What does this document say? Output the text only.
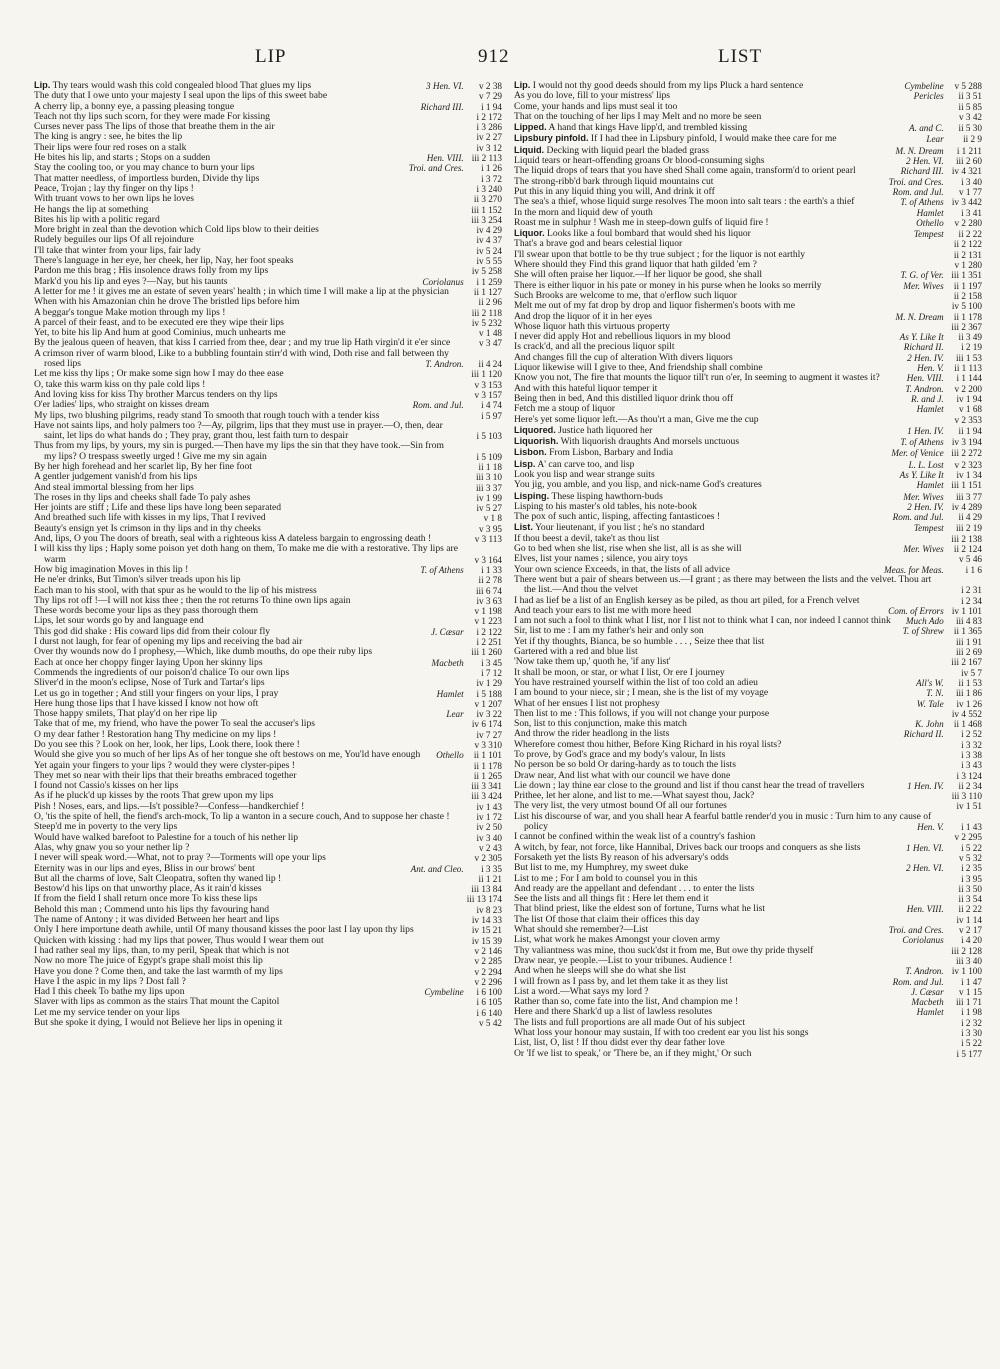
LIP	912	LIST
Lip. Thy tears would wash this cold congealed blood That glues my lips	3 Hen. VI. v 2 38
The duty that I owe unto your majesty I seal upon the lips of this sweet babe	v 7 29
A cherry lip, a bonny eye, a passing pleasing tongue	Richard III. i 1 94
Teach not thy lips such scorn, for they were made For kissing	i 2 172
Curses never pass The lips of those that breathe them in the air	i 3 286
The king is angry : see, he bites the lip	iv 2 27
Their lips were four red roses on a stalk	iv 3 12
He bites his lip, and starts ; Stops on a sudden	Hen. VIII. iii 2 113
Stay the cooling too, or you may chance to burn your lips	Troi. and Cres. i 1 26
That matter needless, of importless burden, Divide thy lips	i 3 72
Peace, Trojan ; lay thy finger on thy lips !	i 3 240
With truant vows to her own lips he loves	ii 3 270
He hangs the lip at something	iii 1 152
Bites his lip with a politic regard	iii 3 254
More bright in zeal than the devotion which Cold lips blow to their deities	iv 4 29
Rudely beguiles our lips Of all rejoindure	iv 4 37
I'll take that winter from your lips, fair lady	iv 5 24
There's language in her eye, her cheek, her lip, Nay, her foot speaks	iv 5 55
Pardon me this brag ; His insolence draws folly from my lips	iv 5 258
Mark'd you his lip and eyes ?—Nay, but his taunts	Coriolanus i 1 259
A letter for me ! it gives me an estate of seven years' health ; in which time I will make a lip at the physician	ii 1 127
When with his Amazonian chin he drove The bristled lips before him	ii 2 96
A beggar's tongue Make motion through my lips !	iii 2 118
A parcel of their feast, and to be executed ere they wipe their lips	iv 5 232
Yet, to bite his lip And hum at good Cominius, much unhearts me	v 1 48
By the jealous queen of heaven, that kiss I carried from thee, dear ; and my true lip Hath virgin'd it e'er since	v 3 47
A crimson river of warm blood, Like to a bubbling fountain stirr'd with wind, Doth rise and fall between thy rosed lips	T. Andron. ii 4 24
Let me kiss thy lips ; Or make some sign how I may do thee ease	iii 1 120
O, take this warm kiss on thy pale cold lips !	v 3 153
And loving kiss for kiss Thy brother Marcus tenders on thy lips	v 3 157
O'er ladies' lips, who straight on kisses dream	Rom. and Jul. i 4 74
My lips, two blushing pilgrims, ready stand To smooth that rough touch with a tender kiss	i 5 97
Have not saints lips, and holy palmers too ?—Ay, pilgrim, lips that they must use in prayer.—O, then, dear saint, let lips do what hands do ; They pray, grant thou, lest faith turn to despair	i 5 103
Thus from my lips, by yours, my sin is purged.—Then have my lips the sin that they have took.—Sin from my lips? O trespass sweetly urged ! Give me my sin again	i 5 109
By her high forehead and her scarlet lip, By her fine foot	ii 1 18
A gentler judgement vanish'd from his lips	iii 3 10
And steal immortal blessing from her lips	iii 3 37
The roses in thy lips and cheeks shall fade To paly ashes	iv 1 99
Her joints are stiff ; Life and these lips have long been separated	iv 5 27
And breathed such life with kisses in my lips, That I revived	v 1 8
Beauty's ensign yet Is crimson in thy lips and in thy cheeks	v 3 95
And, lips, O you The doors of breath, seal with a righteous kiss A dateless bargain to engrossing death !	v 3 113
I will kiss thy lips ; Haply some poison yet doth hang on them, To make me die with a restorative. Thy lips are warm	v 3 164
How big imagination Moves in this lip !	T. of Athens i 1 33
He ne'er drinks, But Timon's silver treads upon his lip	ii 2 78
Each man to his stool, with that spur as he would to the lip of his mistress	iii 6 74
Thy lips rot off !—I will not kiss thee ; then the rot returns To thine own lips again	iv 3 63
These words become your lips as they pass thorough them	v 1 198
Lips, let sour words go by and language end	v 1 223
This god did shake : His coward lips did from their colour fly	J. Cæsar i 2 122
I durst not laugh, for fear of opening my lips and receiving the bad air	i 2 251
Over thy wounds now do I prophesy,—Which, like dumb mouths, do ope their ruby lips	iii 1 260
Each at once her choppy finger laying Upon her skinny lips	Macbeth i 3 45
Commends the ingredients of our poison'd chalice To our own lips	i 7 12
Sliver'd in the moon's eclipse, Nose of Turk and Tartar's lips	iv 1 29
Let us go in together ; And still your fingers on your lips, I pray	Hamlet i 5 188
Here hung those lips that I have kissed I know not how oft	v 1 207
Those happy smilets, That play'd on her ripe lip	Lear iv 3 22
Take that of me, my friend, who have the power To seal the accuser's lips	iv 6 174
O my dear father ! Restoration hang Thy medicine on my lips !	iv 7 27
Do you see this ? Look on her, look, her lips, Look there, look there !	v 3 310
Would she give you so much of her lips As of her tongue she oft bestows on me, You'ld have enough	Othello ii 1 101
Yet again your fingers to your lips ? would they were clyster-pipes !	ii 1 178
They met so near with their lips that their breaths embraced together	ii 1 265
I found not Cassio's kisses on her lips	iii 3 341
As if he pluck'd up kisses by the roots That grew upon my lips	iii 3 424
Pish ! Noses, ears, and lips.—Is't possible?—Confess—handkerchief !	iv 1 43
O, 'tis the spite of hell, the fiend's arch-mock, To lip a wanton in a secure couch, And to suppose her chaste !	iv 1 72
Steep'd me in poverty to the very lips	iv 2 50
Would have walked barefoot to Palestine for a touch of his nether lip	iv 3 40
Alas, why gnaw you so your nether lip ?	v 2 43
I never will speak word.—What, not to pray ?—Torments will ope your lips	v 2 305
Eternity was in our lips and eyes, Bliss in our brows' bent	Ant. and Cleo. i 3 35
But all the charms of love, Salt Cleopatra, soften thy waned lip !	ii 1 21
Bestow'd his lips on that unworthy place, As it rain'd kisses	iii 13 84
If from the field I shall return once more To kiss these lips	iii 13 174
Behold this man ; Commend unto his lips thy favouring hand	iv 8 23
The name of Antony ; it was divided Between her heart and lips	iv 14 33
Only I here importune death awhile, until Of many thousand kisses the poor last I lay upon thy lips	iv 15 21
Quicken with kissing : had my lips that power, Thus would I wear them out	iv 15 39
I had rather seal my lips, than, to my peril, Speak that which is not	v 2 146
Now no more The juice of Egypt's grape shall moist this lip	v 2 285
Have you done ? Come then, and take the last warmth of my lips	v 2 294
Have I the aspic in my lips ? Dost fall ?	v 2 296
Had I this cheek To bathe my lips upon	Cymbeline i 6 100
Slaver with lips as common as the stairs That mount the Capitol	i 6 105
Let me my service tender on your lips	i 6 140
But she spoke it dying, I would not Believe her lips in opening it	v 5 42
Lip. I would not thy good deeds should from my lips Pluck a hard sentence	Cymbeline v 5 288
As you do love, fill to your mistress' lips	Pericles ii 3 51
Come, your hands and lips must seal it too	ii 5 85
That on the touching of her lips I may Melt and no more be seen	v 3 42
Lipped. A hand that kings Have lipp'd, and trembled kissing	A. and C. ii 5 30
Lipsbury pinfold. If I had thee in Lipsbury pinfold, I would make thee care for me	Lear ii 2 9
Liquid. Decking with liquid pearl the bladed grass	M. N. Dream i 1 211
Liquid tears or heart-offending groans Or blood-consuming sighs	2 Hen. VI. iii 2 60
The liquid drops of tears that you have shed Shall come again, transform'd to orient pearl	Richard III. iv 4 321
The strong-ribb'd bark through liquid mountains cut	Troi. and Cres. i 3 40
Put this in any liquid thing you will, And drink it off	Rom. and Jul. v 1 77
The sea's a thief, whose liquid surge resolves The moon into salt tears : the earth's a thief	T. of Athens iv 3 442
In the morn and liquid dew of youth	Hamlet i 3 41
Roast me in sulphur ! Wash me in steep-down gulfs of liquid fire !	Othello v 2 280
Liquor. Looks like a foul bombard that would shed his liquor	Tempest ii 2 22
That's a brave god and bears celestial liquor	ii 2 122
I'll swear upon that bottle to be thy true subject ; for the liquor is not earthly	ii 2 131
Where should they Find this grand liquor that hath gilded 'em ?	v 1 280
She will often praise her liquor.—If her liquor be good, she shall	T. G. of Ver. iii 1 351
There is either liquor in his pate or money in his purse when he looks so merrily	Mer. Wives ii 1 197
Such Brooks are welcome to me, that o'erflow such liquor	ii 2 158
Melt me out of my fat drop by drop and liquor fishermen's boots with me	iv 5 100
And drop the liquor of it in her eyes	M. N. Dream ii 1 178
Whose liquor hath this virtuous property	iii 2 367
I never did apply Hot and rebellious liquors in my blood	As Y. Like It ii 3 49
Is crack'd, and all the precious liquor spilt	Richard II. i 2 19
And changes fill the cup of alteration With divers liquors	2 Hen. IV. iii 1 53
Liquor likewise will I give to thee, And friendship shall combine	Hen. V. ii 1 113
Know you not, The fire that mounts the liquor till't run o'er, In seeming to augment it wastes it?	Hen. VIII. i 1 144
And with this hateful liquor temper it	T. Andron. v 2 200
Being then in bed, And this distilled liquor drink thou off	R. and J. iv 1 94
Fetch me a stoup of liquor	Hamlet v 1 68
Here's yet some liquor left.—As thou'rt a man, Give me the cup	v 2 353
Liquored. Justice hath liquored her	1 Hen. IV. ii 1 94
Liquorish. With liquorish draughts And morsels unctuous	T. of Athens iv 3 194
Lisbon. From Lisbon, Barbary and India	Mer. of Venice iii 2 272
Lisp. A' can carve too, and lisp	L. L. Lost v 2 323
Look you lisp and wear strange suits	As Y. Like It iv 1 34
You jig, you amble, and you lisp, and nick-name God's creatures	Hamlet iii 1 151
Lisping. These lisping hawthorn-buds	Mer. Wives iii 3 77
Lisping to his master's old tables, his note-book	2 Hen. IV. iv 4 289
The pox of such antic, lisping, affecting fantasticoes !	Rom. and Jul. ii 4 29
List. Your lieutenant, if you list ; he's no standard	Tempest iii 2 19
If thou beest a devil, take't as thou list	iii 2 138
Go to bed when she list, rise when she list, all is as she will	Mer. Wives ii 2 124
Elves, list your names ; silence, you airy toys	v 5 46
Your own science Exceeds, in that, the lists of all advice	Meas. for Meas. i 1 6
There went but a pair of shears between us.—I grant ; as there may between the lists and the velvet. Thou art the list.—And thou the velvet	i 2 31
I had as lief be a list of an English kersey as be piled, as thou art piled, for a French velvet	i 2 34
And teach your ears to list me with more heed	Com. of Errors iv 1 101
I am not such a fool to think what I list, nor I list not to think what I can, nor indeed I cannot think	Much Ado iii 4 83
Sir, list to me : I am my father's heir and only son	T. of Shrew ii 1 365
Yet if thy thoughts, Bianca, be so humble . . . , Seize thee that list	iii 1 91
Gartered with a red and blue list	iii 2 69
'Now take them up,' quoth he, 'if any list'	iii 2 167
It shall be moon, or star, or what I list, Or ere I journey	iv 5 7
You have restrained yourself within the list of too cold an adieu	All's W. ii 1 53
I am bound to your niece, sir ; I mean, she is the list of my voyage	T. N. iii 1 86
What of her ensues I list not prophesy	W. Tale iv 1 26
Then list to me : This follows, if you will not change your purpose	iv 4 552
Son, list to this conjunction, make this match	K. John ii 1 468
And throw the rider headlong in the lists	Richard II. i 2 52
Wherefore comest thou hither, Before King Richard in his royal lists?	i 3 32
To prove, by God's grace and my body's valour, In lists	i 3 38
No person be so bold Or daring-hardy as to touch the lists	i 3 43
Draw near, And list what with our council we have done	i 3 124
Lie down ; lay thine ear close to the ground and list if thou canst hear the tread of travellers	1 Hen. IV. ii 2 34
Prithee, let her alone, and list to me.—What sayest thou, Jack?	iii 3 110
The very list, the very utmost bound Of all our fortunes	iv 1 51
List his discourse of war, and you shall hear A fearful battle render'd you in music : Turn him to any cause of policy	Hen. V. i 1 43
I cannot be confined within the weak list of a country's fashion	v 2 295
A witch, by fear, not force, like Hannibal, Drives back our troops and conquers as she lists	1 Hen. VI. i 5 22
Forsaketh yet the lists By reason of his adversary's odds	v 5 32
But list to me, my Humphrey, my sweet duke	2 Hen. VI. i 2 35
List to me ; For I am bold to counsel you in this	i 3 95
And ready are the appellant and defendant . . . to enter the lists	ii 3 50
See the lists and all things fit : Here let them end it	ii 3 54
That blind priest, like the eldest son of fortune, Turns what he list	Hen. VIII. ii 2 22
The list Of those that claim their offices this day	iv 1 14
What should she remember?—List	Troi. and Cres. v 2 17
List, what work he makes Amongst your cloven army	Coriolanus i 4 20
Thy valiantness was mine, thou suck'dst it from me, But owe thy pride thyself	iii 2 128
Draw near, ye people.—List to your tribunes. Audience !	iii 3 40
And when he sleeps will she do what she list	T. Andron. iv 1 100
I will frown as I pass by, and let them take it as they list	Rom. and Jul. i 1 47
List a word.—What says my lord ?	J. Cæsar v 1 15
Rather than so, come fate into the list, And champion me !	Macbeth iii 1 71
Here and there Shark'd up a list of lawless resolutes	Hamlet i 1 98
The lists and full proportions are all made Out of his subject	i 2 32
What loss your honour may sustain, If with too credent ear you list his songs	i 3 30
List, list, O, list ! If thou didst ever thy dear father love	i 5 22
Or 'If we list to speak,' or 'There be, an if they might,' Or such	i 5 177
